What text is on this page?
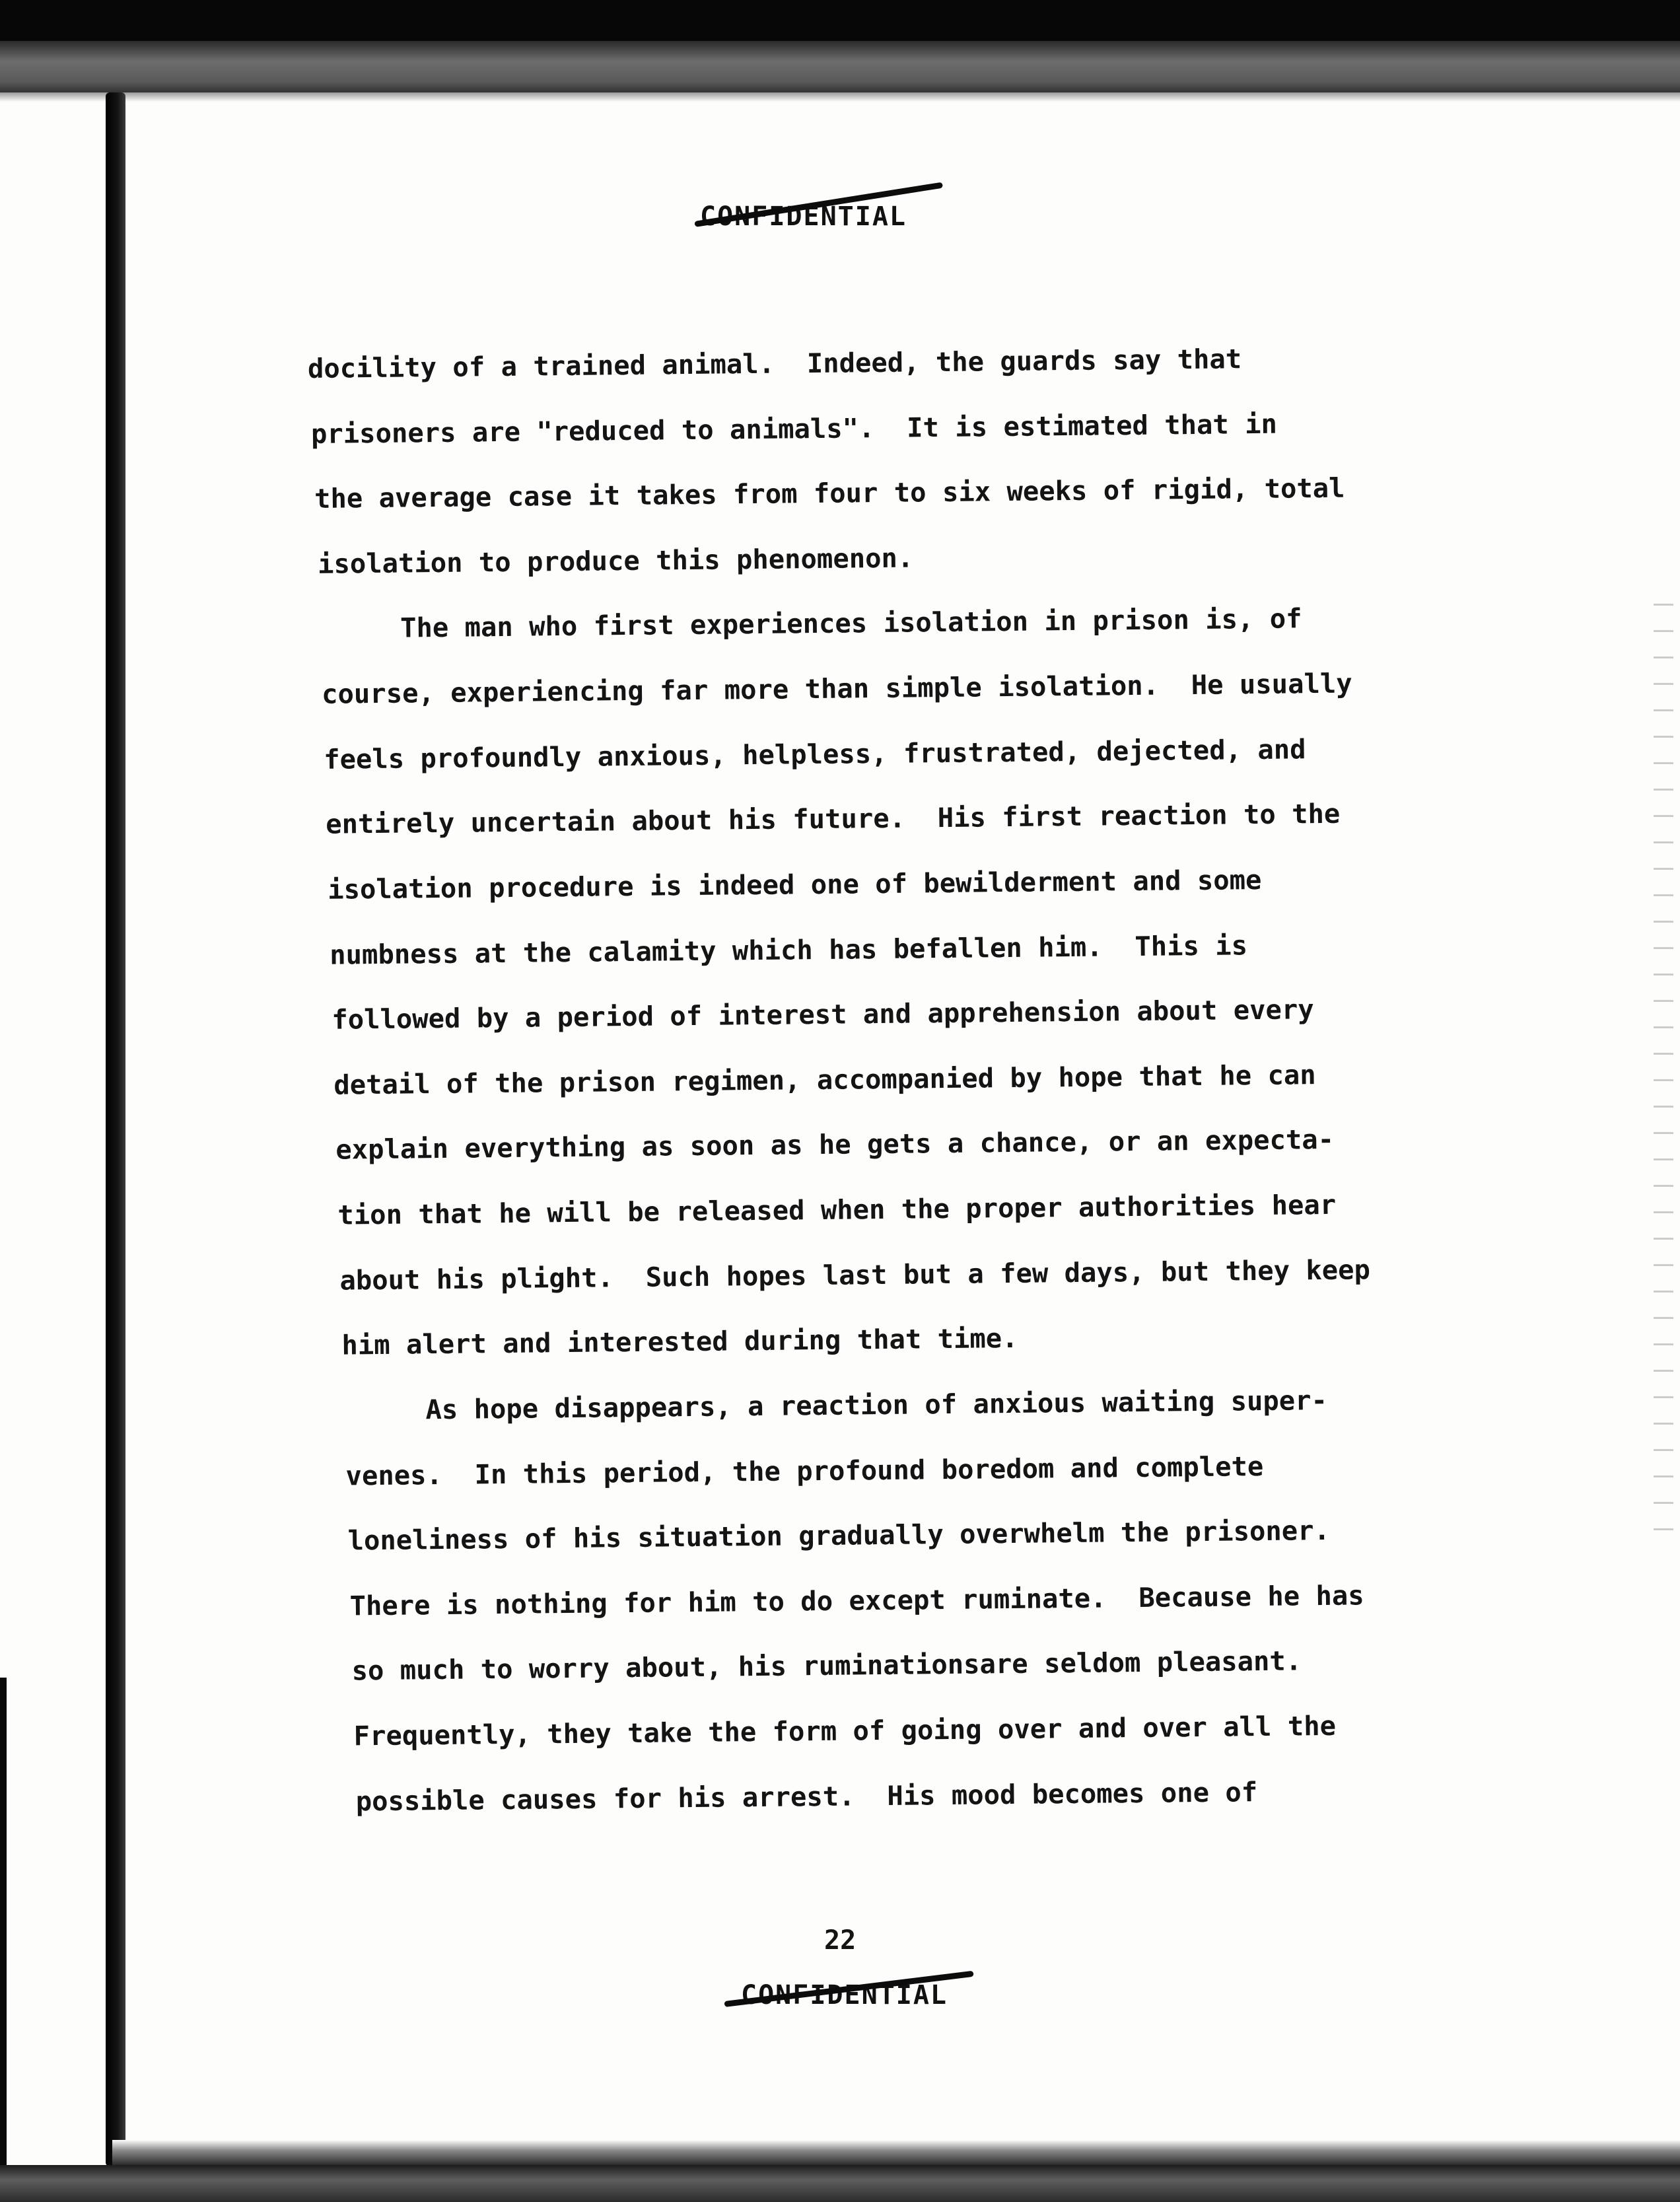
CONFIDENTIAL
docility of a trained animal.  Indeed, the guards say that
prisoners are "reduced to animals".  It is estimated that in
the average case it takes from four to six weeks of rigid, total
isolation to produce this phenomenon.
The man who first experiences isolation in prison is, of
course, experiencing far more than simple isolation.  He usually
feels profoundly anxious, helpless, frustrated, dejected, and
entirely uncertain about his future.  His first reaction to the
isolation procedure is indeed one of bewilderment and some
numbness at the calamity which has befallen him.  This is
followed by a period of interest and apprehension about every
detail of the prison regimen, accompanied by hope that he can
explain everything as soon as he gets a chance, or an expecta-
tion that he will be released when the proper authorities hear
about his plight.  Such hopes last but a few days, but they keep
him alert and interested during that time.
As hope disappears, a reaction of anxious waiting super-
venes.  In this period, the profound boredom and complete
loneliness of his situation gradually overwhelm the prisoner.
There is nothing for him to do except ruminate.  Because he has
so much to worry about, his ruminationsare seldom pleasant.
Frequently, they take the form of going over and over all the
possible causes for his arrest.  His mood becomes one of
22
CONFIDENTIAL
